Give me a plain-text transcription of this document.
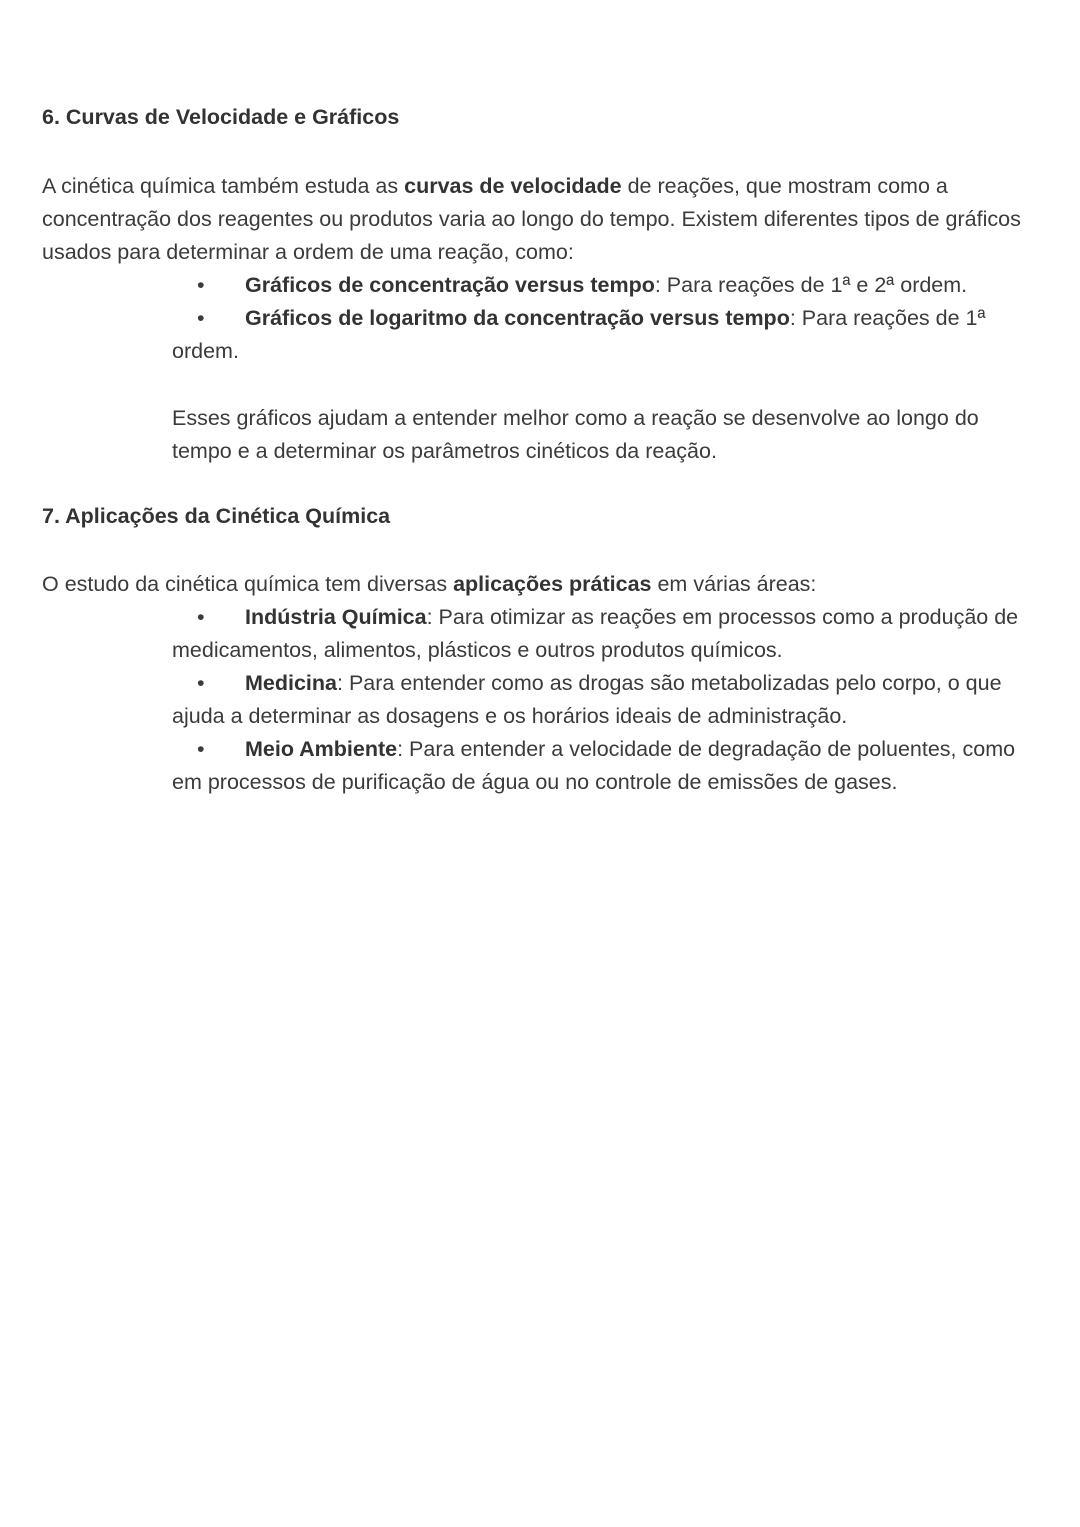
6. Curvas de Velocidade e Gráficos

A cinética química também estuda as curvas de velocidade de reações, que mostram como a concentração dos reagentes ou produtos varia ao longo do tempo. Existem diferentes tipos de gráficos usados para determinar a ordem de uma reação, como:

• Gráficos de concentração versus tempo: Para reações de 1ª e 2ª ordem.
• Gráficos de logaritmo da concentração versus tempo: Para reações de 1ª ordem.

Esses gráficos ajudam a entender melhor como a reação se desenvolve ao longo do tempo e a determinar os parâmetros cinéticos da reação.

7. Aplicações da Cinética Química

O estudo da cinética química tem diversas aplicações práticas em várias áreas:

• Indústria Química: Para otimizar as reações em processos como a produção de medicamentos, alimentos, plásticos e outros produtos químicos.
• Medicina: Para entender como as drogas são metabolizadas pelo corpo, o que ajuda a determinar as dosagens e os horários ideais de administração.
• Meio Ambiente: Para entender a velocidade de degradação de poluentes, como em processos de purificação de água ou no controle de emissões de gases.
